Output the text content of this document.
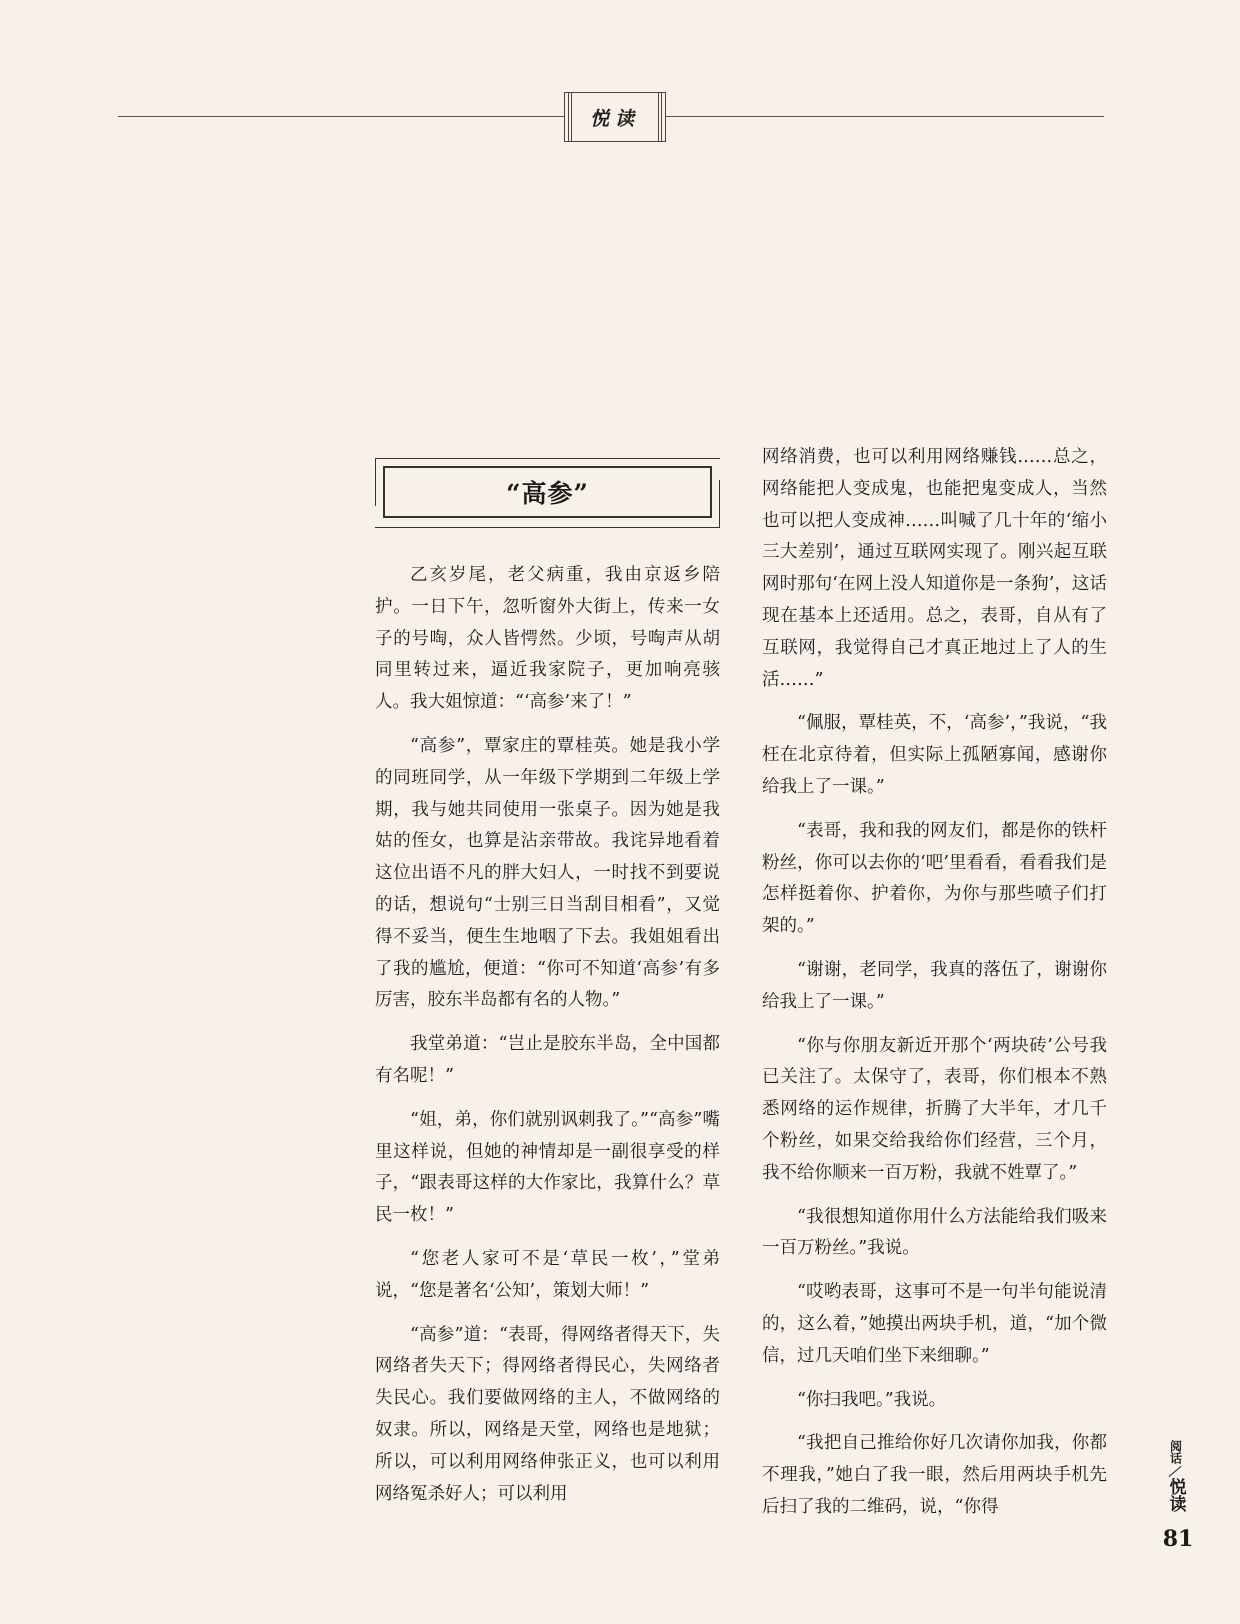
悦读
“高参”

乙亥岁尾，老父病重，我由京返乡陪护。一日下午，忽听窗外大街上，传来一女子的号啕，众人皆愕然。少顷，号啕声从胡同里转过来，逼近我家院子，更加响亮骇人。我大姐惊道：“‘高参’来了！”

“高参”，覃家庄的覃桂英。她是我小学的同班同学，从一年级下学期到二年级上学期，我与她共同使用一张桌子。因为她是我姑的侄女，也算是沾亲带故。我诧异地看着这位出语不凡的胖大妇人，一时找不到要说的话，想说句“士别三日当刮目相看”，又觉得不妥当，便生生地咽了下去。我姐姐看出了我的尴尬，便道：“你可不知道‘高参’有多厉害，胶东半岛都有名的人物。”

我堂弟道：“岂止是胶东半岛，全中国都有名呢！”

“姐，弟，你们就别讽刺我了。”“高参”嘴里这样说，但她的神情却是一副很享受的样子，“跟表哥这样的大作家比，我算什么？草民一枚！”

“您老人家可不是‘草民一枚’，”堂弟说，“您是著名‘公知’，策划大师！”

“高参”道：“表哥，得网络者得天下，失网络者失天下；得网络者得民心，失网络者失民心。我们要做网络的主人，不做网络的奴隶。所以，网络是天堂，网络也是地狱；所以，可以利用网络伸张正义，也可以利用网络冤杀好人；可以利用

网络消费，也可以利用网络赚钱……总之，网络能把人变成鬼，也能把鬼变成人，当然也可以把人变成神……叫喊了几十年的‘缩小三大差别’，通过互联网实现了。刚兴起互联网时那句‘在网上没人知道你是一条狗’，这话现在基本上还适用。总之，表哥，自从有了互联网，我觉得自己才真正地过上了人的生活……”

“佩服，覃桂英，不，‘高参’，”我说，“我枉在北京待着，但实际上孤陋寡闻，感谢你给我上了一课。”

“表哥，我和我的网友们，都是你的铁杆粉丝，你可以去你的‘吧’里看看，看看我们是怎样挺着你、护着你，为你与那些喷子们打架的。”

“谢谢，老同学，我真的落伍了，谢谢你给我上了一课。”

“你与你朋友新近开那个‘两块砖’公号我已关注了。太保守了，表哥，你们根本不熟悉网络的运作规律，折腾了大半年，才几千个粉丝，如果交给我给你们经营，三个月，我不给你顺来一百万粉，我就不姓覃了。”

“我很想知道你用什么方法能给我们吸来一百万粉丝。”我说。

“哎哟表哥，这事可不是一句半句能说清的，这么着，”她摸出两块手机，道，“加个微信，过几天咱们坐下来细聊。”

“你扫我吧。”我说。

“我把自己推给你好几次请你加我，你都不理我，”她白了我一眼，然后用两块手机先后扫了我的二维码，说，“你得

阅话
悦读
81
